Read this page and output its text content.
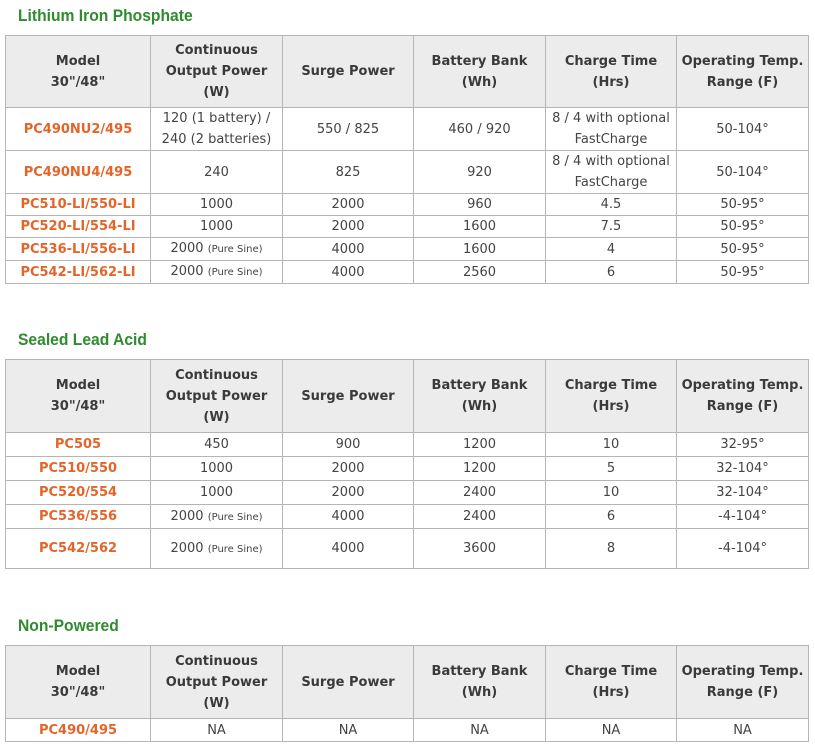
Lithium Iron Phosphate
Model
30"/48"	Continuous Output Power (W)	Surge Power	Battery Bank (Wh)	Charge Time (Hrs)	Operating Temp. Range (F)
PC490NU2/495	120 (1 battery) / 240 (2 batteries)	550 / 825	460 / 920	8 / 4 with optional FastCharge	50-104°
PC490NU4/495	240	825	920	8 / 4 with optional FastCharge	50-104°
PC510-LI/550-LI	1000	2000	960	4.5	50-95°
PC520-LI/554-LI	1000	2000	1600	7.5	50-95°
PC536-LI/556-LI	2000 (Pure Sine)	4000	1600	4	50-95°
PC542-LI/562-LI	2000 (Pure Sine)	4000	2560	6	50-95°
Sealed Lead Acid
Model
30"/48"	Continuous Output Power (W)	Surge Power	Battery Bank (Wh)	Charge Time (Hrs)	Operating Temp. Range (F)
PC505	450	900	1200	10	32-95°
PC510/550	1000	2000	1200	5	32-104°
PC520/554	1000	2000	2400	10	32-104°
PC536/556	2000 (Pure Sine)	4000	2400	6	-4-104°
PC542/562	2000 (Pure Sine)	4000	3600	8	-4-104°
Non-Powered
Model
30"/48"	Continuous Output Power (W)	Surge Power	Battery Bank (Wh)	Charge Time (Hrs)	Operating Temp. Range (F)
PC490/495	NA	NA	NA	NA	NA
